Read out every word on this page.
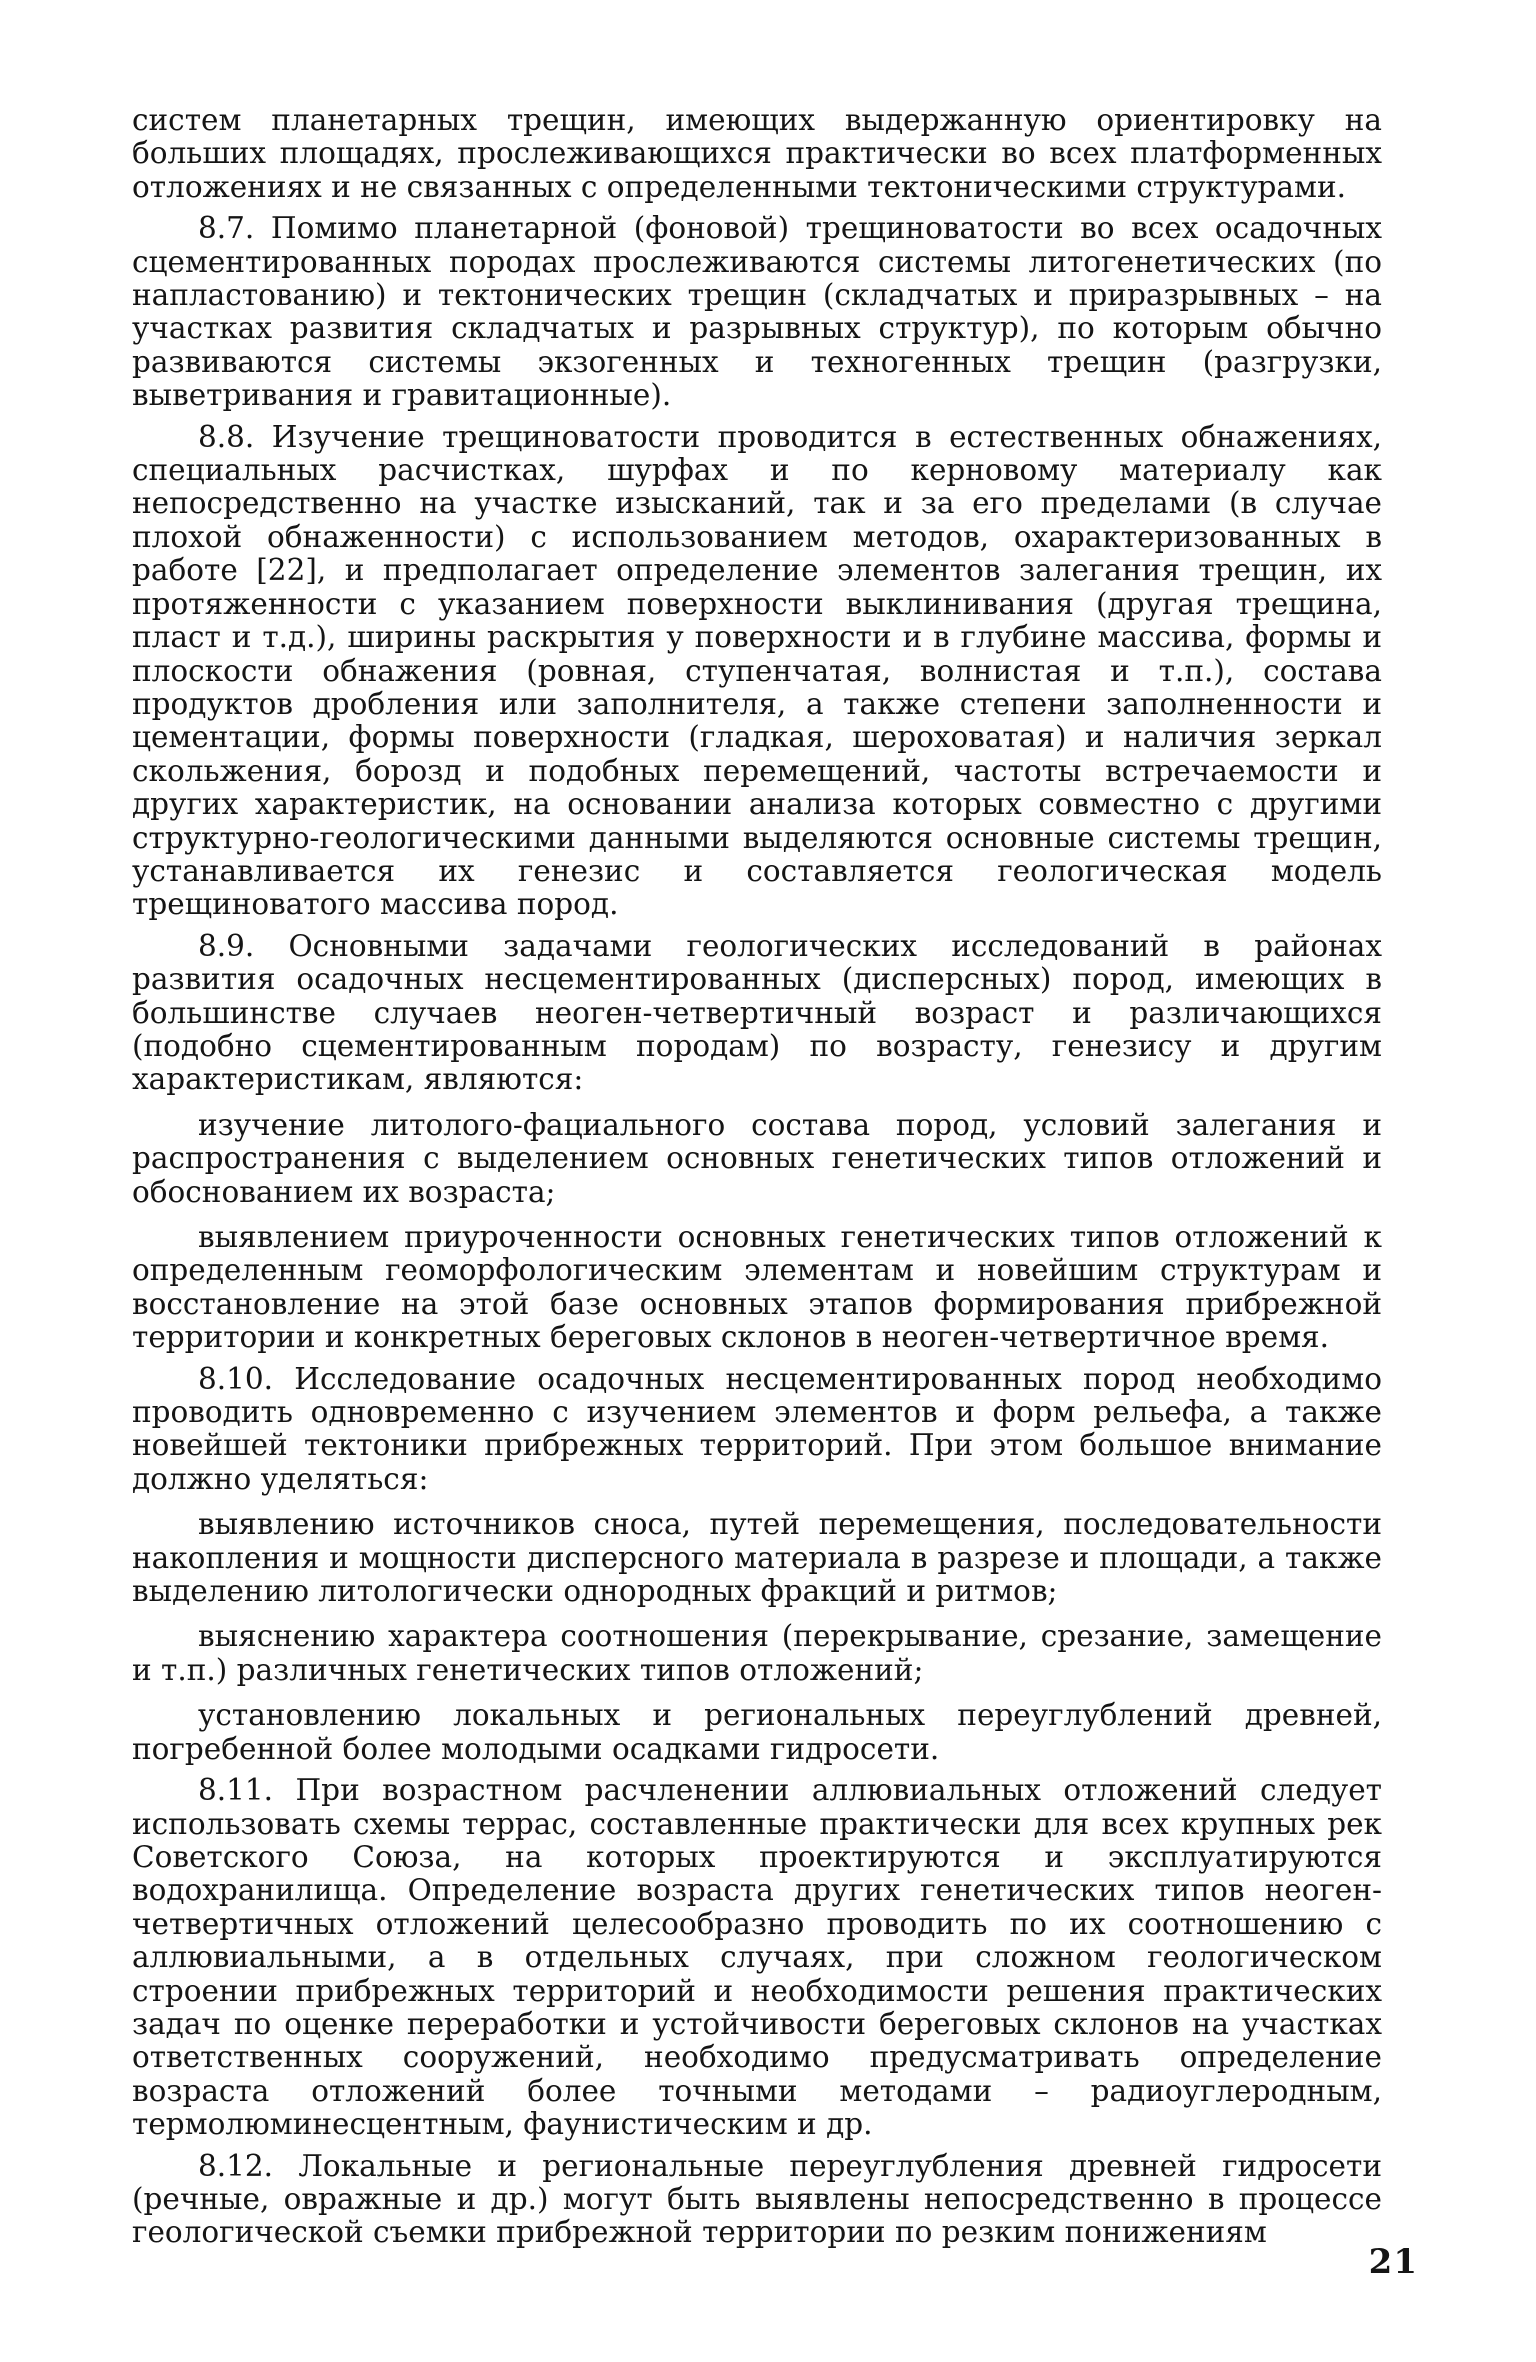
систем планетарных трещин, имеющих выдержанную ориентировку на больших площадях, прослеживающихся практически во всех платформенных отложениях и не связанных с определенными тектоническими структурами.

8.7. Помимо планетарной (фоновой) трещиноватости во всех осадочных сцементированных породах прослеживаются системы литогенетических (по напластованию) и тектонических трещин (складчатых и приразрывных – на участках развития складчатых и разрывных структур), по которым обычно развиваются системы экзогенных и техногенных трещин (разгрузки, выветривания и гравитационные).

8.8. Изучение трещиноватости проводится в естественных обнажениях, специальных расчистках, шурфах и по керновому материалу как непосредственно на участке изысканий, так и за его пределами (в случае плохой обнаженности) с использованием методов, охарактеризованных в работе [22], и предполагает определение элементов залегания трещин, их протяженности с указанием поверхности выклинивания (другая трещина, пласт и т.д.), ширины раскрытия у поверхности и в глубине массива, формы и плоскости обнажения (ровная, ступенчатая, волнистая и т.п.), состава продуктов дробления или заполнителя, а также степени заполненности и цементации, формы поверхности (гладкая, шероховатая) и наличия зеркал скольжения, борозд и подобных перемещений, частоты встречаемости и других характеристик, на основании анализа которых совместно с другими структурно-геологическими данными выделяются основные системы трещин, устанавливается их генезис и составляется геологическая модель трещиноватого массива пород.

8.9. Основными задачами геологических исследований в районах развития осадочных несцементированных (дисперсных) пород, имеющих в большинстве случаев неоген-четвертичный возраст и различающихся (подобно сцементированным породам) по возрасту, генезису и другим характеристикам, являются:

изучение литолого-фациального состава пород, условий залегания и распространения с выделением основных генетических типов отложений и обоснованием их возраста;

выявлением приуроченности основных генетических типов отложений к определенным геоморфологическим элементам и новейшим структурам и восстановление на этой базе основных этапов формирования прибрежной территории и конкретных береговых склонов в неоген-четвертичное время.

8.10. Исследование осадочных несцементированных пород необходимо проводить одновременно с изучением элементов и форм рельефа, а также новейшей тектоники прибрежных территорий. При этом большое внимание должно уделяться:

выявлению источников сноса, путей перемещения, последовательности накопления и мощности дисперсного материала в разрезе и площади, а также выделению литологически однородных фракций и ритмов;

выяснению характера соотношения (перекрывание, срезание, замещение и т.п.) различных генетических типов отложений;

установлению локальных и региональных переуглублений древней, погребенной более молодыми осадками гидросети.

8.11. При возрастном расчленении аллювиальных отложений следует использовать схемы террас, составленные практически для всех крупных рек Советского Союза, на которых проектируются и эксплуатируются водохранилища. Определение возраста других генетических типов неоген-четвертичных отложений целесообразно проводить по их соотношению с аллювиальными, а в отдельных случаях, при сложном геологическом строении прибрежных территорий и необходимости решения практических задач по оценке переработки и устойчивости береговых склонов на участках ответственных сооружений, необходимо предусматривать определение возраста отложений более точными методами – радиоуглеродным, термолюминесцентным, фаунистическим и др.

8.12. Локальные и региональные переуглубления древней гидросети (речные, овражные и др.) могут быть выявлены непосредственно в процессе геологической съемки прибрежной территории по резким понижениям

21
